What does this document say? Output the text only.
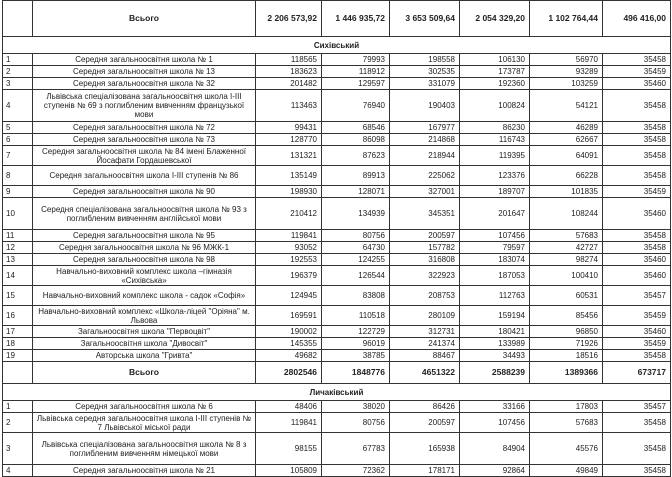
	Всього	2 206 573,92	1 446 935,72	3 653 509,64	2 054 329,20	1 102 764,44	496 416,00
Сихівський							
1	Середня загальноосвітня школа № 1	118565	79993	198558	106130	56970	35458
2	Середня загальноосвітня школа № 13	183623	118912	302535	173787	93289	35459
3	Середня загальноосвітня школа № 32	201482	129597	331079	192360	103259	35460
4	Львівська спеціалізована загальноосвітня школа І-ІІІ ступенів № 69 з поглибленим вивченням французької мови	113463	76940	190403	100824	54121	35458
5	Середня загальноосвітня школа № 72	99431	68546	167977	86230	46289	35458
6	Середня загальноосвітня школа № 73	128770	86098	214868	116743	62667	35458
7	Середня загальноосвітня школа № 84 імені Блаженної Йосафати Гордашевської	131321	87623	218944	119395	64091	35458
8	Середня загальноосвітня школа І-ІІІ ступенів № 86	135149	89913	225062	123376	66228	35458
9	Середня загальноосвітня школа № 90	198930	128071	327001	189707	101835	35459
10	Середня спеціалізована загальноосвітня школа № 93 з поглибленим вивченням англійської мови	210412	134939	345351	201647	108244	35460
11	Середня загальноосвітня школа № 95	119841	80756	200597	107456	57683	35458
12	Середня загальноосвітня школа № 96 МЖК-1	93052	64730	157782	79597	42727	35458
13	Середня загальноосвітня школа № 98	192553	124255	316808	183074	98274	35460
14	Навчально-виховний комплекс школа –гімназія «Сихівська»	196379	126544	322923	187053	100410	35460
15	Навчально-виховний комплекс школа - садок «Софія»	124945	83808	208753	112763	60531	35457
16	Навчально-виховний комплекс «Школа-ліцей "Оріяна" м. Львова	169591	110518	280109	159194	85456	35459
17	Загальноосвітня школа "Первоцвіт"	190002	122729	312731	180421	96850	35460
18	Загальноосвітня школа "Дивосвіт"	145355	96019	241374	133989	71926	35459
19	Авторська школа "Гривта"	49682	38785	88467	34493	18516	35458
	Всього	2802546	1848776	4651322	2588239	1389366	673717
Личаківський							
1	Середня загальноосвітня школа № 6	48406	38020	86426	33166	17803	35457
2	Львівська середня загальноосвітня школа І-ІІІ ступенів № 7 Львівської міської ради	119841	80756	200597	107456	57683	35458
3	Львівська спеціалізована загальноосвітня школа № 8 з поглибленим вивченням німецької мови	98155	67783	165938	84904	45576	35458
4	Середня загальноосвітня школа № 21	105809	72362	178171	92864	49849	35458
